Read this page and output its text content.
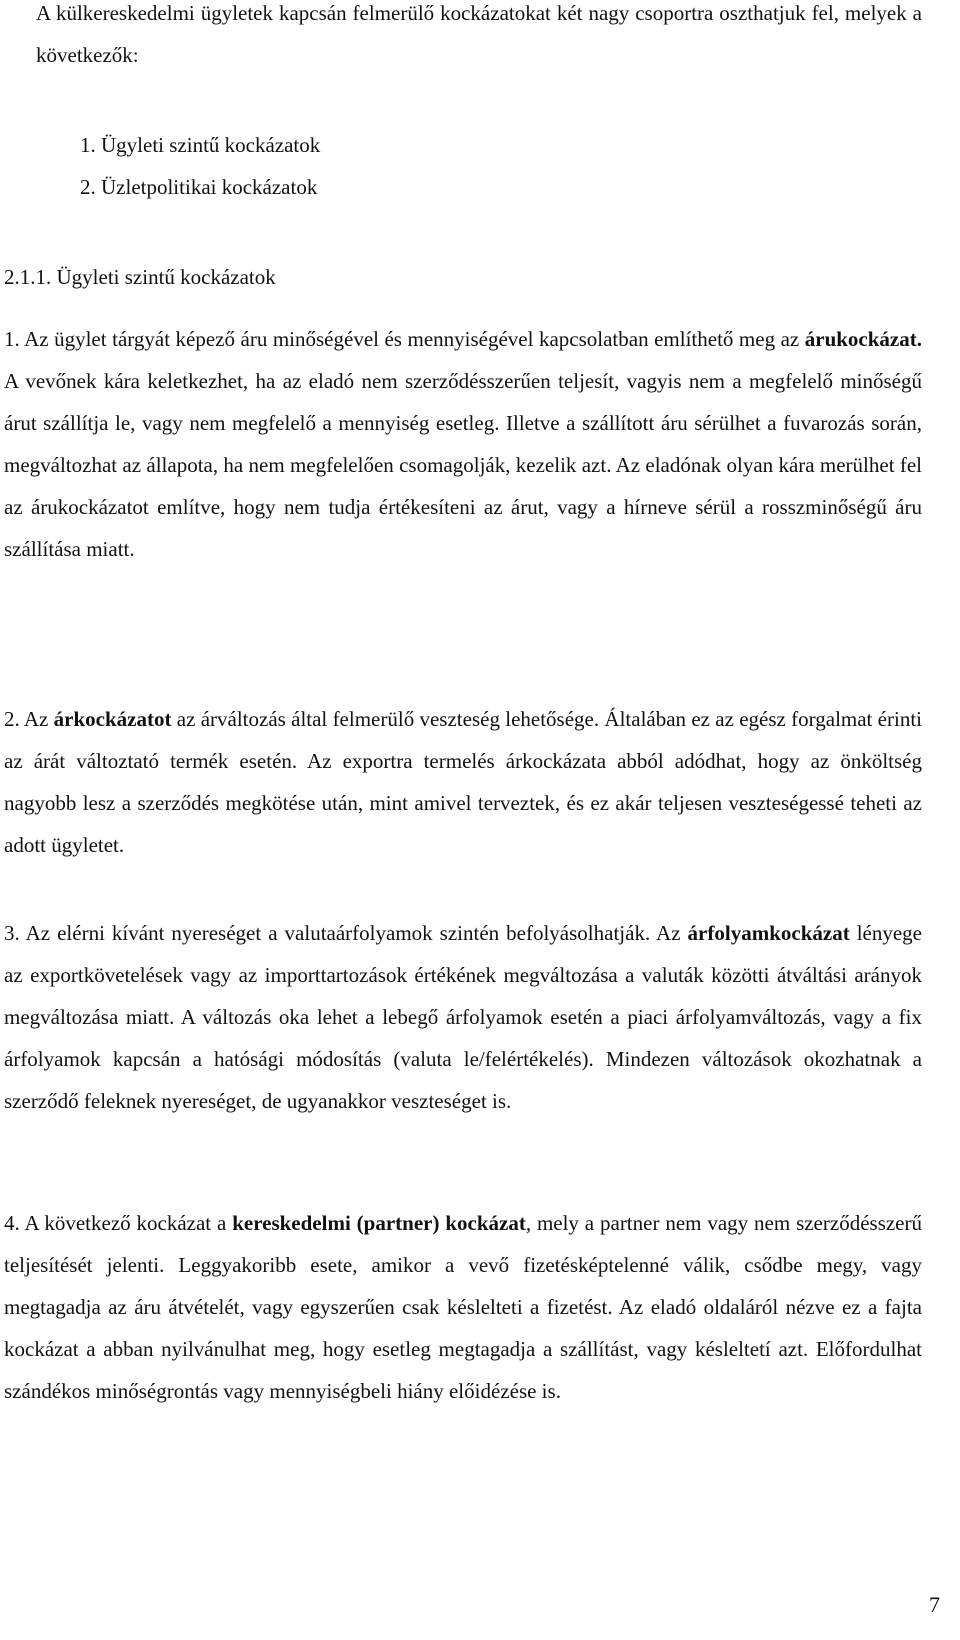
A külkereskedelmi ügyletek kapcsán felmerülő kockázatokat két nagy csoportra oszthatjuk fel, melyek a következők:

1. Ügyleti szintű kockázatok
2. Üzletpolitikai kockázatok
2.1.1. Ügyleti szintű kockázatok

1. Az ügylet tárgyát képező áru minőségével és mennyiségével kapcsolatban említhető meg az árukockázat. A vevőnek kára keletkezhet, ha az eladó nem szerződésszerűen teljesít, vagyis nem a megfelelő minőségű árut szállítja le, vagy nem megfelelő a mennyiség esetleg. Illetve a szállított áru sérülhet a fuvarozás során, megváltozhat az állapota, ha nem megfelelően csomagolják, kezelik azt. Az eladónak olyan kára merülhet fel az árukockázatot említve, hogy nem tudja értékesíteni az árut, vagy a hírneve sérül a rosszminőségű áru szállítása miatt.

2. Az árkockázatot az árváltozás által felmerülő veszteség lehetősége. Általában ez az egész forgalmat érinti az árát változtató termék esetén. Az exportra termelés árkockázata abból adódhat, hogy az önköltség nagyobb lesz a szerződés megkötése után, mint amivel terveztek, és ez akár teljesen veszteségessé teheti az adott ügyletet.

3. Az elérni kívánt nyereséget a valutaárfolyamok szintén befolyásolhatják. Az árfolyamkockázat lényege az exportkövetelések vagy az importtartozások értékének megváltozása a valuták közötti átváltási arányok megváltozása miatt. A változás oka lehet a lebegő árfolyamok esetén a piaci árfolyamváltozás, vagy a fix árfolyamok kapcsán a hatósági módosítás (valuta le/felértékelés). Mindezen változások okozhatnak a szerződő feleknek nyereséget, de ugyanakkor veszteséget is.

4. A következő kockázat a kereskedelmi (partner) kockázat, mely a partner nem vagy nem szerződésszerű teljesítését jelenti. Leggyakoribb esete, amikor a vevő fizetésképtelenné válik, csődbe megy, vagy megtagadja az áru átvételét, vagy egyszerűen csak késlelteti a fizetést. Az eladó oldaláról nézve ez a fajta kockázat a abban nyilvánulhat meg, hogy esetleg megtagadja a szállítást, vagy késleltetí azt. Előfordulhat szándékos minőségrontás vagy mennyiségbeli hiány előidézése is.

7
